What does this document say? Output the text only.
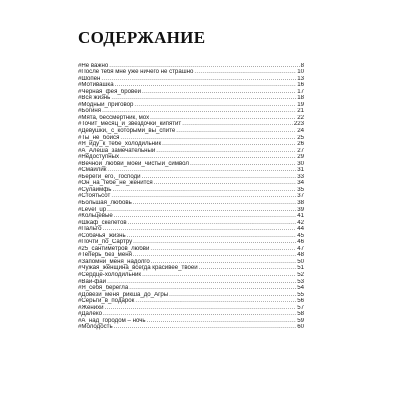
СОДЕРЖАНИЕ
#Не важно .....	8
#После тебя мне уже ничего не страшно .....	10
#Шопен .....	13
#Мотивашка .....	16
#Черная_фея_бровей .....	17
#Вся жизнь .....	18
#Модный_приговор .....	19
#Богиня .....	21
#Мята, бессмертник, мох .....	22
#Точит_месяц_и_звездочки_кипятит .....	223
#Девушки,_с_которыми_вы_спите .....	24
#Ты_не_бойся .....	25
#Я_иду_к_тебе_холодильник .....	26
#А_Алеша_замечательный .....	27
#Недоступных .....	29
#Вечной_любви_моей_чистый_символ .....	30
#Смайлик .....	31
#Береги_его,_господи .....	33
#Он_на_тебе_не_женится .....	34
#Сулаимфь .....	35
#Стоятьсот .....	37
#Большая_любовь .....	38
#Level_up .....	39
#Кольцевые .....	41
#Шкаф_скелетов .....	42
#Пальто .....	44
#Собачья_жизнь .....	45
#Почти_по_Сартру .....	46
#25_сантиметров_любви .....	47
#Теперь_без_меня .....	48
#Запомни_меня_надолго .....	50
#Чужая_женщина_всегда красивее_твоей .....	51
#Сердце-холодильник .....	52
#Вай-фай .....	53
#Я_себя_берегла .....	54
#Довези_меня_рикша_до_Агры .....	55
#Серьги_в_подарок .....	56
#Женихи .....	57
#Далеко .....	58
#А_над_городом – ночь .....	59
#Молодость .....	60
